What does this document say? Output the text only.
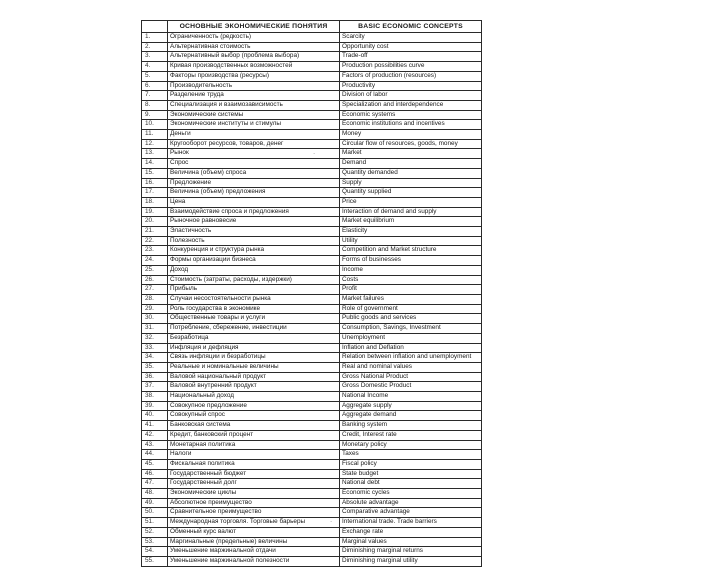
	ОСНОВНЫЕ ЭКОНОМИЧЕСКИЕ ПОНЯТИЯ	BASIC ECONOMIC CONCEPTS
1.	Ограниченность (редкость)	Scarcity
2.	Альтернативная стоимость	Opportunity cost
3.	Альтернативный выбор (проблема выбора)	Trade-off
4.	Кривая производственных возможностей	Production possibilities curve
5.	Факторы производства (ресурсы)	Factors of production (resources)
6.	Производительность	Productivity
7.	Разделение труда	Division of labor
8.	Специализация и взаимозависимость	Specialization and interdependence
9.	Экономические системы	Economic systems
10.	Экономические институты и стимулы	Economic institutions and incentives
11.	Деньги	Money
12.	Кругооборот ресурсов, товаров, денег	Circular flow of resources, goods, money
13.	Рынок	Market
14.	Спрос	Demand
15.	Величина (объем) спроса	Quantity demanded
16.	Предложение	Supply
17.	Величина (объем) предложения	Quantity supplied
18.	Цена	Price
19.	Взаимодействие спроса и предложения	Interaction of demand and supply
20.	Рыночное равновесие	Market equilibrium
21.	Эластичность	Elasticity
22.	Полезность	Utility
23.	Конкуренция и структура рынка	Competition and Market structure
24.	Формы организации бизнеса	Forms of businesses
25.	Доход	Income
26.	Стоимость (затраты, расходы, издержки)	Costs
27.	Прибыль	Profit
28.	Случаи несостоятельности рынка	Market failures
29.	Роль государства в экономике	Role of government
30.	Общественные товары и услуги	Public goods and services
31.	Потребление, сбережение, инвестиции	Consumption, Savings, Investment
32.	Безработица	Unemployment
33.	Инфляция и дефляция	Inflation and Deflation
34.	Связь инфляции и безработицы	Relation between inflation and unemployment
35.	Реальные и номинальные величины	Real and nominal values
36.	Валовой национальный продукт	Gross National Product
37.	Валовой внутренний продукт	Gross Domestic Product
38.	Национальный доход	National Income
39.	Совокупное предложение	Aggregate supply
40.	Совокупный спрос	Aggregate demand
41.	Банковская система	Banking system
42.	Кредит, банковский процент	Credit, Interest rate
43.	Монетарная политика	Monetary policy
44.	Налоги	Taxes
45.	Фискальная политика	Fiscal policy
46.	Государственный бюджет	State budget
47.	Государственный долг	National debt
48.	Экономические циклы	Economic cycles
49.	Абсолютное преимущество	Absolute advantage
50.	Сравнительное преимущество	Comparative advantage
51.	Международная торговля. Торговые барьеры	International trade. Trade barriers
52.	Обменный курс валют	Exchange rate
53.	Маргинальные (предельные) величины	Marginal values
54.	Уменьшение маржинальной отдачи	Diminishing marginal returns
55.	Уменьшение маржинальной полезности	Diminishing marginal utility
·
·
